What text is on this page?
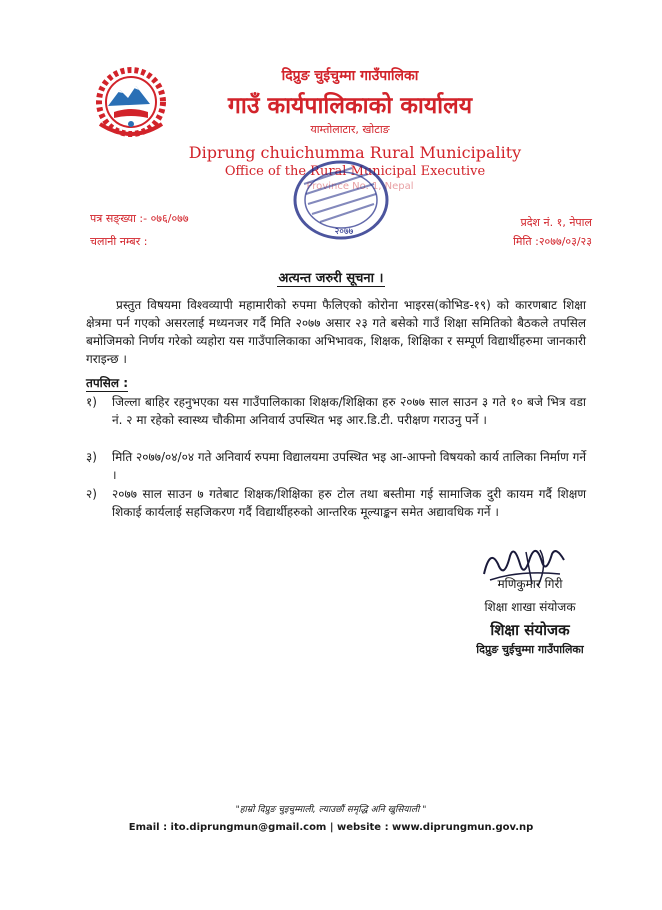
दिप्रुङ चुईचुम्मा गाउँपालिका
गाउँ कार्यपालिकाको कार्यालय
याम्तोलाटार, खोटाङ
Diprung chuichumma Rural Municipality
Office of the Rural Municipal Executive
Province No. 1, Nepal
२०७७
पत्र सङ्ख्या :- ०७६/०७७
चलानी नम्बर :
प्रदेश नं. १, नेपाल
मिति :२०७७/०३/२३
अत्यन्त जरुरी सूचना ।
प्रस्तुत विषयमा विश्वव्यापी महामारीको रुपमा फैलिएको कोरोना भाइरस(कोभिड-१९) को कारणबाट शिक्षा क्षेत्रमा पर्न गएको असरलाई मध्यनजर गर्दै मिति २०७७ असार २३ गते बसेको गाउँ शिक्षा समितिको बैठकले तपसिल बमोजिमको निर्णय गरेको व्यहोरा यस गाउँपालिकाका अभिभावक, शिक्षक, शिक्षिका र सम्पूर्ण विद्यार्थीहरुमा जानकारी गराइन्छ ।
तपसिल :
१) जिल्ला बाहिर रहनुभएका यस गाउँपालिकाका शिक्षक/शिक्षिका हरु २०७७ साल साउन ३ गते १० बजे भित्र वडा नं. २ मा रहेको स्वास्थ्य चौकीमा अनिवार्य उपस्थित भइ आर.डि.टी. परीक्षण गराउनु पर्ने ।
३) मिति २०७७/०४/०४ गते अनिवार्य रुपमा विद्यालयमा उपस्थित भइ आ-आफ्नो विषयको कार्य तालिका निर्माण गर्ने ।
२) २०७७ साल साउन ७ गतेबाट शिक्षक/शिक्षिका हरु टोल तथा बस्तीमा गई सामाजिक दुरी कायम गर्दै शिक्षण शिकाई कार्यलाई सहजिकरण गर्दै विद्यार्थीहरुको आन्तरिक मूल्याङ्कन समेत अद्यावधिक गर्ने ।
मणिकुमार गिरी
शिक्षा शाखा संयोजक
शिक्षा संयोजक
दिप्रुङ चुईचुम्मा गाउँपालिका
"हाम्रो दिप्रुङ चुइचुम्माली, ल्याउछौं समृद्धि अनि खुसियाली "
Email : ito.diprungmun@gmail.com | website : www.diprungmun.gov.np
